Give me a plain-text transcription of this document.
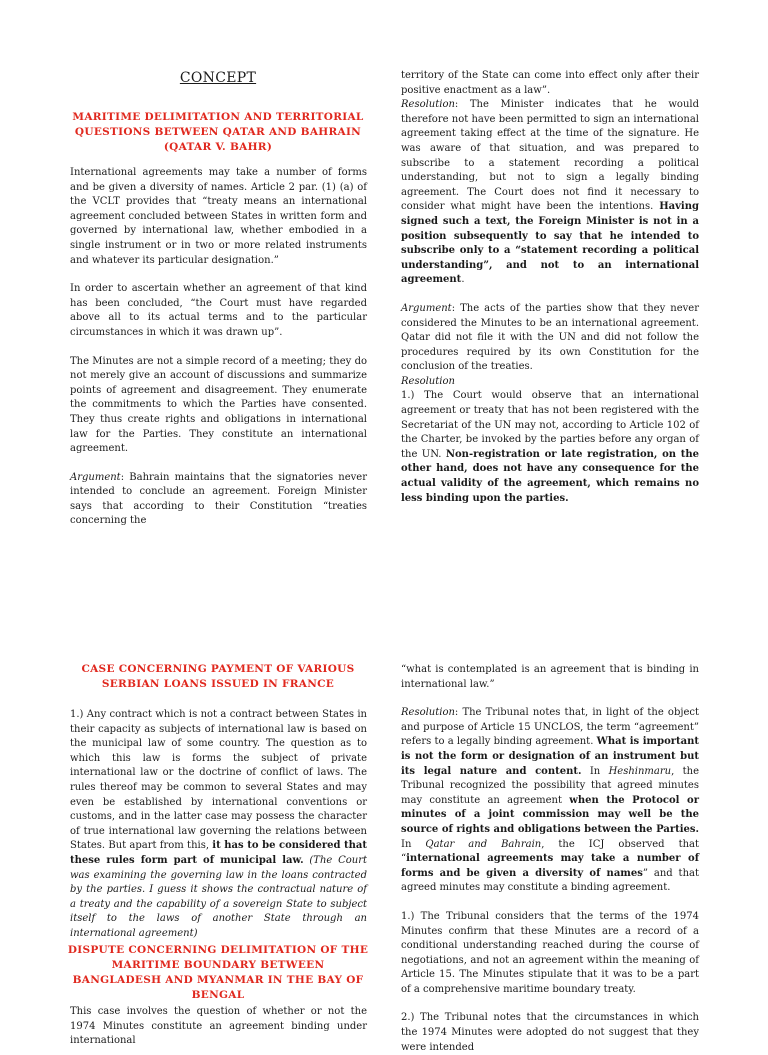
CONCEPT
MARITIME DELIMITATION AND TERRITORIAL QUESTIONS BETWEEN QATAR AND BAHRAIN (QATAR V. BAHR)

International agreements may take a number of forms and be given a diversity of names. Article 2 par. (1) (a) of the VCLT provides that “treaty means an international agreement concluded between States in written form and governed by international law, whether embodied in a single instrument or in two or more related instruments and whatever its particular designation.”

In order to ascertain whether an agreement of that kind has been concluded, “the Court must have regarded above all to its actual terms and to the particular circumstances in which it was drawn up”.

The Minutes are not a simple record of a meeting; they do not merely give an account of discussions and summarize points of agreement and disagreement. They enumerate the commitments to which the Parties have consented. They thus create rights and obligations in international law for the Parties. They constitute an international agreement.

Argument: Bahrain maintains that the signatories never intended to conclude an agreement. Foreign Minister says that according to their Constitution “treaties concerning the

territory of the State can come into effect only after their positive enactment as a law”.

Resolution: The Minister indicates that he would therefore not have been permitted to sign an international agreement taking effect at the time of the signature. He was aware of that situation, and was prepared to subscribe to a statement recording a political understanding, but not to sign a legally binding agreement. The Court does not find it necessary to consider what might have been the intentions. Having signed such a text, the Foreign Minister is not in a position subsequently to say that he intended to subscribe only to a “statement recording a political understanding”, and not to an international agreement.

Argument: The acts of the parties show that they never considered the Minutes to be an international agreement. Qatar did not file it with the UN and did not follow the procedures required by its own Constitution for the conclusion of the treaties.

Resolution

1.) The Court would observe that an international agreement or treaty that has not been registered with the Secretariat of the UN may not, according to Article 102 of the Charter, be invoked by the parties before any organ of the UN. Non-registration or late registration, on the other hand, does not have any consequence for the actual validity of the agreement, which remains no less binding upon the parties.

CASE CONCERNING PAYMENT OF VARIOUS SERBIAN LOANS ISSUED IN FRANCE

1.) Any contract which is not a contract between States in their capacity as subjects of international law is based on the municipal law of some country. The question as to which this law is forms the subject of private international law or the doctrine of conflict of laws. The rules thereof may be common to several States and may even be established by international conventions or customs, and in the latter case may possess the character of true international law governing the relations between States. But apart from this, it has to be considered that these rules form part of municipal law. (The Court was examining the governing law in the loans contracted by the parties. I guess it shows the contractual nature of a treaty and the capability of a sovereign State to subject itself to the laws of another State through an international agreement)

DISPUTE CONCERNING DELIMITATION OF THE MARITIME BOUNDARY BETWEEN BANGLADESH AND MYANMAR IN THE BAY OF BENGAL

This case involves the question of whether or not the 1974 Minutes constitute an agreement binding under international

“what is contemplated is an agreement that is binding in international law.”

Resolution: The Tribunal notes that, in light of the object and purpose of Article 15 UNCLOS, the term “agreement” refers to a legally binding agreement. What is important is not the form or designation of an instrument but its legal nature and content. In Heshinmaru, the Tribunal recognized the possibility that agreed minutes may constitute an agreement when the Protocol or minutes of a joint commission may well be the source of rights and obligations between the Parties. In Qatar and Bahrain, the ICJ observed that “international agreements may take a number of forms and be given a diversity of names” and that agreed minutes may constitute a binding agreement.

1.) The Tribunal considers that the terms of the 1974 Minutes confirm that these Minutes are a record of a conditional understanding reached during the course of negotiations, and not an agreement within the meaning of Article 15. The Minutes stipulate that it was to be a part of a comprehensive maritime boundary treaty.

2.) The Tribunal notes that the circumstances in which the 1974 Minutes were adopted do not suggest that they were intended
